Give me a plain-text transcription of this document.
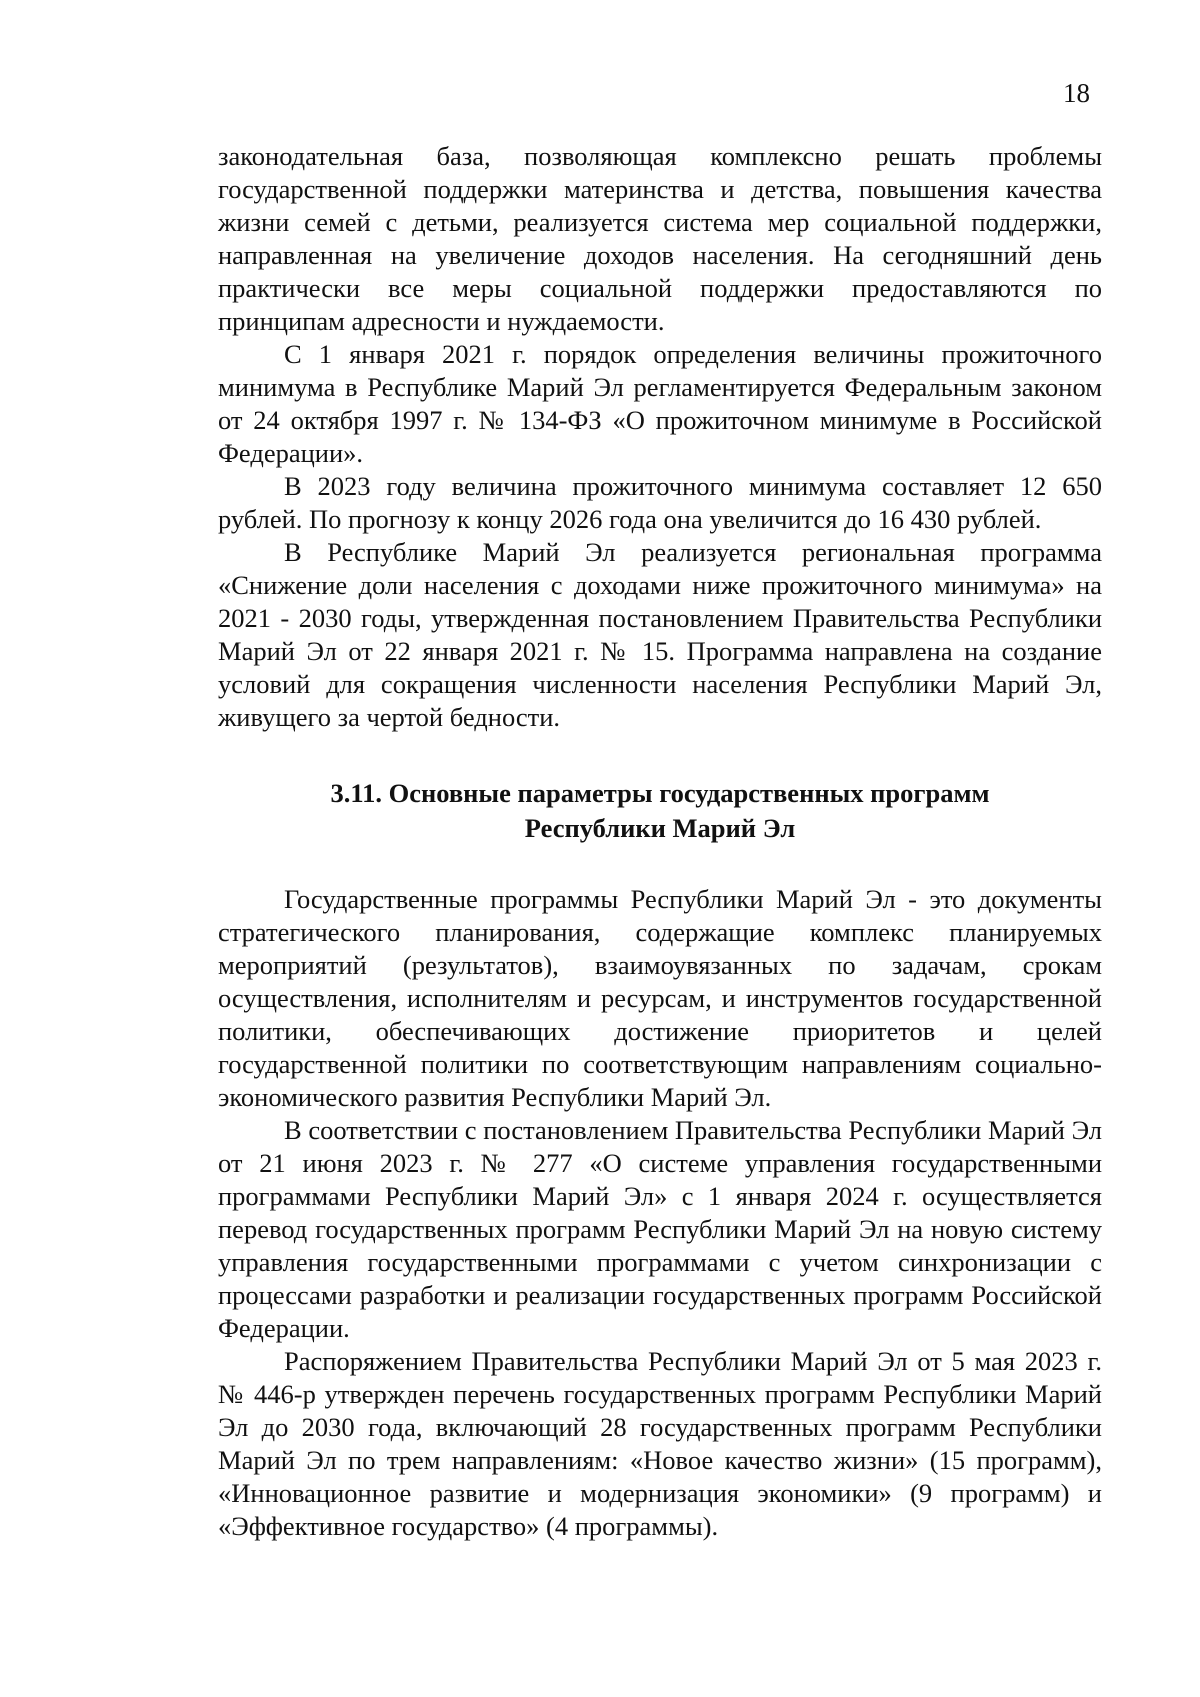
18

законодательная база, позволяющая комплексно решать проблемы государственной поддержки материнства и детства, повышения качества жизни семей с детьми, реализуется система мер социальной поддержки, направленная на увеличение доходов населения. На сегодняшний день практически все меры социальной поддержки предоставляются по принципам адресности и нуждаемости.

С 1 января 2021 г. порядок определения величины прожиточного минимума в Республике Марий Эл регламентируется Федеральным законом от 24 октября 1997 г. № 134-ФЗ «О прожиточном минимуме в Российской Федерации».

В 2023 году величина прожиточного минимума составляет 12 650 рублей. По прогнозу к концу 2026 года она увеличится до 16 430 рублей.

В Республике Марий Эл реализуется региональная программа «Снижение доли населения с доходами ниже прожиточного минимума» на 2021 - 2030 годы, утвержденная постановлением Правительства Республики Марий Эл от 22 января 2021 г. № 15. Программа направлена на создание условий для сокращения численности населения Республики Марий Эл, живущего за чертой бедности.

3.11. Основные параметры государственных программ
Республики Марий Эл

Государственные программы Республики Марий Эл - это документы стратегического планирования, содержащие комплекс планируемых мероприятий (результатов), взаимоувязанных по задачам, срокам осуществления, исполнителям и ресурсам, и инструментов государственной политики, обеспечивающих достижение приоритетов и целей государственной политики по соответствующим направлениям социально-экономического развития Республики Марий Эл.

В соответствии с постановлением Правительства Республики Марий Эл от 21 июня 2023 г. № 277 «О системе управления государственными программами Республики Марий Эл» с 1 января 2024 г. осуществляется перевод государственных программ Республики Марий Эл на новую систему управления государственными программами с учетом синхронизации с процессами разработки и реализации государственных программ Российской Федерации.

Распоряжением Правительства Республики Марий Эл от 5 мая 2023 г. № 446-р утвержден перечень государственных программ Республики Марий Эл до 2030 года, включающий 28 государственных программ Республики Марий Эл по трем направлениям: «Новое качество жизни» (15 программ), «Инновационное развитие и модернизация экономики» (9 программ) и «Эффективное государство» (4 программы).
